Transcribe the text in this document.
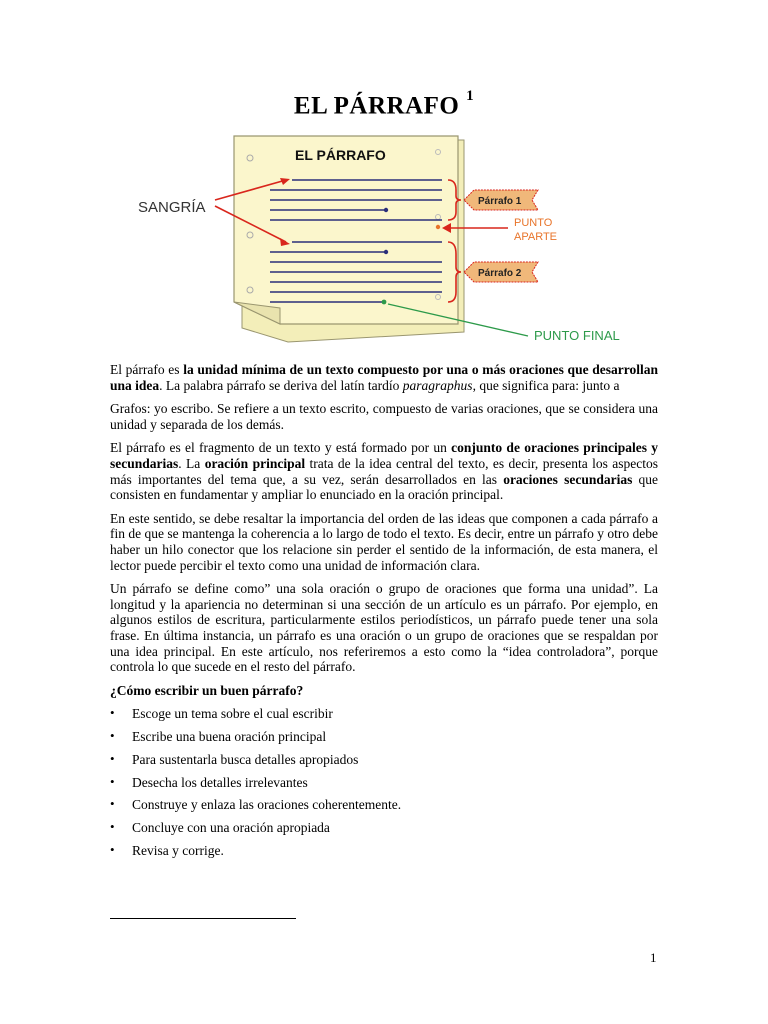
EL PÁRRAFO $^1$
EL PÁRRAFO
SANGRÍA	Párrafo 1
Párrafo 2
PUNTO
APARTE
PUNTO FINAL

El párrafo es la unidad mínima de un texto compuesto por una o más oraciones que desarrollan una idea. La palabra párrafo se deriva del latín tardío paragraphus, que significa para: junto a

Grafos: yo escribo. Se refiere a un texto escrito, compuesto de varias oraciones, que se considera una unidad y separada de los demás.

El párrafo es el fragmento de un texto y está formado por un conjunto de oraciones principales y secundarias. La oración principal trata de la idea central del texto, es decir, presenta los aspectos más importantes del tema que, a su vez, serán desarrollados en las oraciones secundarias que consisten en fundamentar y ampliar lo enunciado en la oración principal.

En este sentido, se debe resaltar la importancia del orden de las ideas que componen a cada párrafo a fin de que se mantenga la coherencia a lo largo de todo el texto. Es decir, entre un párrafo y otro debe haber un hilo conector que los relacione sin perder el sentido de la información, de esta manera, el lector puede percibir el texto como una unidad de información clara.

Un párrafo se define como” una sola oración o grupo de oraciones que forma una unidad”. La longitud y la apariencia no determinan si una sección de un artículo es un párrafo. Por ejemplo, en algunos estilos de escritura, particularmente estilos periodísticos, un párrafo puede tener una sola frase. En última instancia, un párrafo es una oración o un grupo de oraciones que se respaldan por una idea principal. En este artículo, nos referiremos a esto como la “idea controladora”, porque controla lo que sucede en el resto del párrafo.

¿Cómo escribir un buen párrafo?

• Escoge un tema sobre el cual escribir
• Escribe una buena oración principal
• Para sustentarla busca detalles apropiados
• Desecha los detalles irrelevantes
• Construye y enlaza las oraciones coherentemente.
• Concluye con una oración apropiada
• Revisa y corrige.
1
